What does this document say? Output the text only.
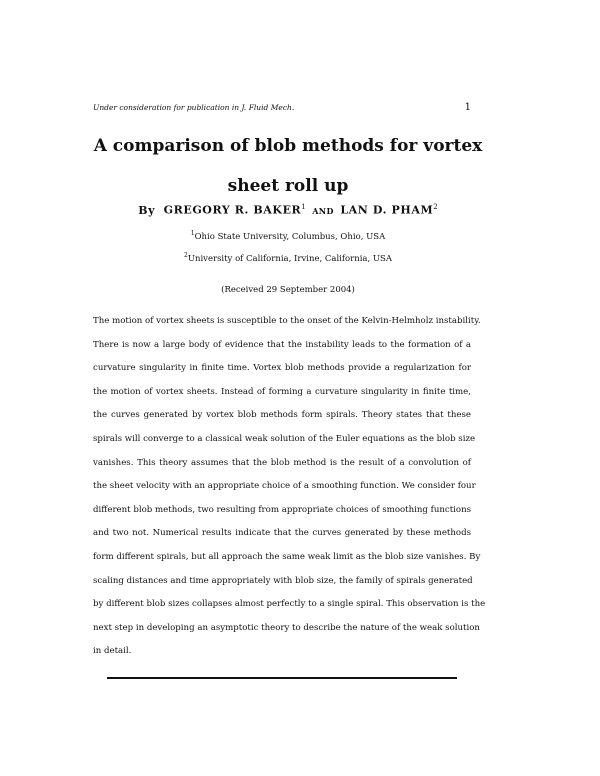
Under consideration for publication in J. Fluid Mech.	1
A comparison of blob methods for vortex
sheet roll up
By GREGORY R. BAKER$^1$ AND LAN D. PHAM$^2$
$^1$Ohio State University, Columbus, Ohio, USA
$^2$University of California, Irvine, California, USA
(Received 29 September 2004)
The motion of vortex sheets is susceptible to the onset of the Kelvin-Helmholz instability.
There is now a large body of evidence that the instability leads to the formation of a
curvature singularity in finite time. Vortex blob methods provide a regularization for
the motion of vortex sheets. Instead of forming a curvature singularity in finite time,
the curves generated by vortex blob methods form spirals. Theory states that these
spirals will converge to a classical weak solution of the Euler equations as the blob size
vanishes. This theory assumes that the blob method is the result of a convolution of
the sheet velocity with an appropriate choice of a smoothing function. We consider four
different blob methods, two resulting from appropriate choices of smoothing functions
and two not. Numerical results indicate that the curves generated by these methods
form different spirals, but all approach the same weak limit as the blob size vanishes. By
scaling distances and time appropriately with blob size, the family of spirals generated
by different blob sizes collapses almost perfectly to a single spiral. This observation is the
next step in developing an asymptotic theory to describe the nature of the weak solution
in detail.
